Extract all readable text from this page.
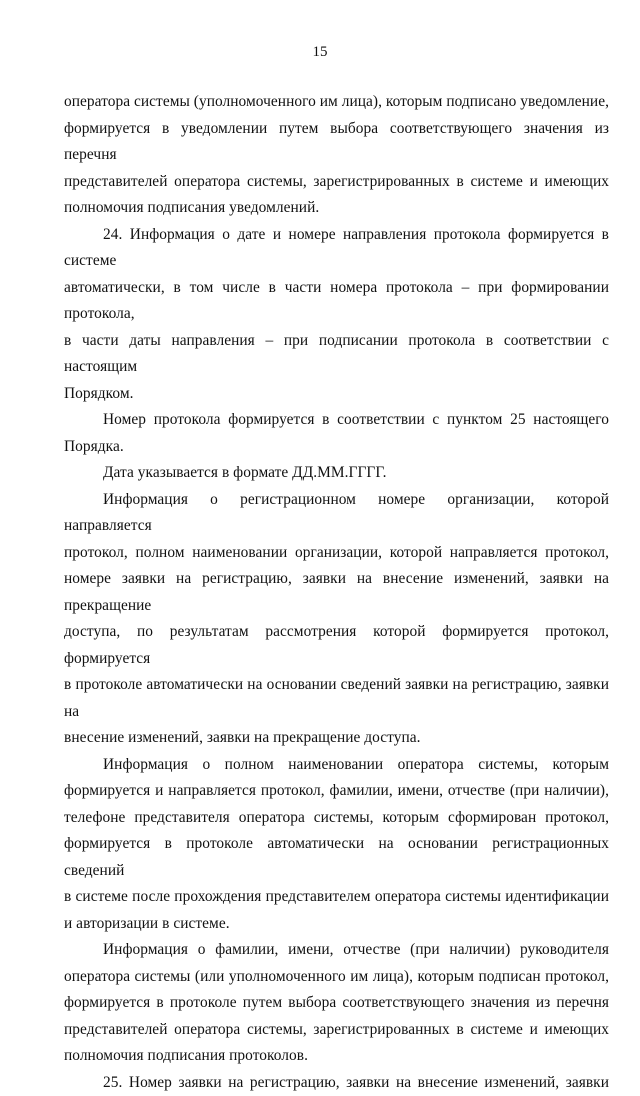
15

оператора системы (уполномоченного им лица), которым подписано уведомление,
формируется в уведомлении путем выбора соответствующего значения из перечня
представителей оператора системы, зарегистрированных в системе и имеющих
полномочия подписания уведомлений.

24. Информация о дате и номере направления протокола формируется в системе
автоматически, в том числе в части номера протокола – при формировании протокола,
в части даты направления – при подписании протокола в соответствии с настоящим
Порядком.

Номер протокола формируется в соответствии с пунктом 25 настоящего
Порядка.

Дата указывается в формате ДД.ММ.ГГГГ.

Информация о регистрационном номере организации, которой направляется
протокол, полном наименовании организации, которой направляется протокол,
номере заявки на регистрацию, заявки на внесение изменений, заявки на прекращение
доступа, по результатам рассмотрения которой формируется протокол, формируется
в протоколе автоматически на основании сведений заявки на регистрацию, заявки на
внесение изменений, заявки на прекращение доступа.

Информация о полном наименовании оператора системы, которым
формируется и направляется протокол, фамилии, имени, отчестве (при наличии),
телефоне представителя оператора системы, которым сформирован протокол,
формируется в протоколе автоматически на основании регистрационных сведений
в системе после прохождения представителем оператора системы идентификации
и авторизации в системе.

Информация о фамилии, имени, отчестве (при наличии) руководителя
оператора системы (или уполномоченного им лица), которым подписан протокол,
формируется в протоколе путем выбора соответствующего значения из перечня
представителей оператора системы, зарегистрированных в системе и имеющих
полномочия подписания протоколов.

25. Номер заявки на регистрацию, заявки на внесение изменений, заявки
